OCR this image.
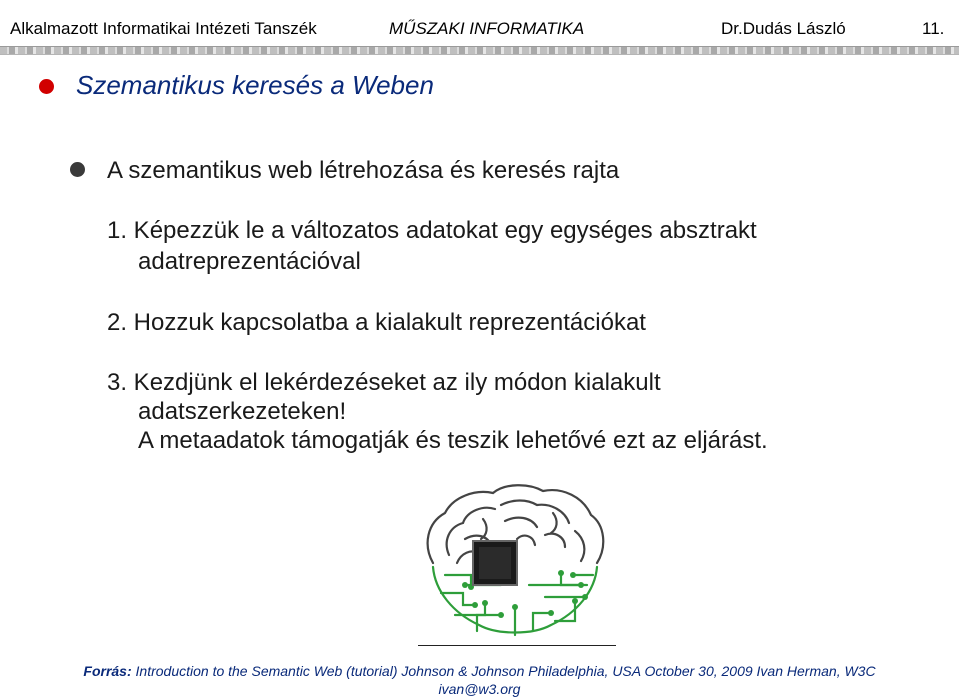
Alkalmazott Informatikai Intézeti Tanszék	MŰSZAKI INFORMATIKA	Dr.Dudás László	11.
Szemantikus keresés a Weben
A szemantikus web létrehozása és keresés rajta
1. Képezzük le a változatos adatokat egy egységes absztrakt
adatreprezentációval
2. Hozzuk kapcsolatba a kialakult reprezentációkat
3. Kezdjünk el lekérdezéseket az ily módon kialakult
adatszerkezeteken!
A metaadatok támogatják és teszik lehetővé ezt az eljárást.
Forrás: Introduction to the Semantic Web (tutorial) Johnson & Johnson Philadelphia, USA October 30, 2009 Ivan Herman, W3C
ivan@w3.org
